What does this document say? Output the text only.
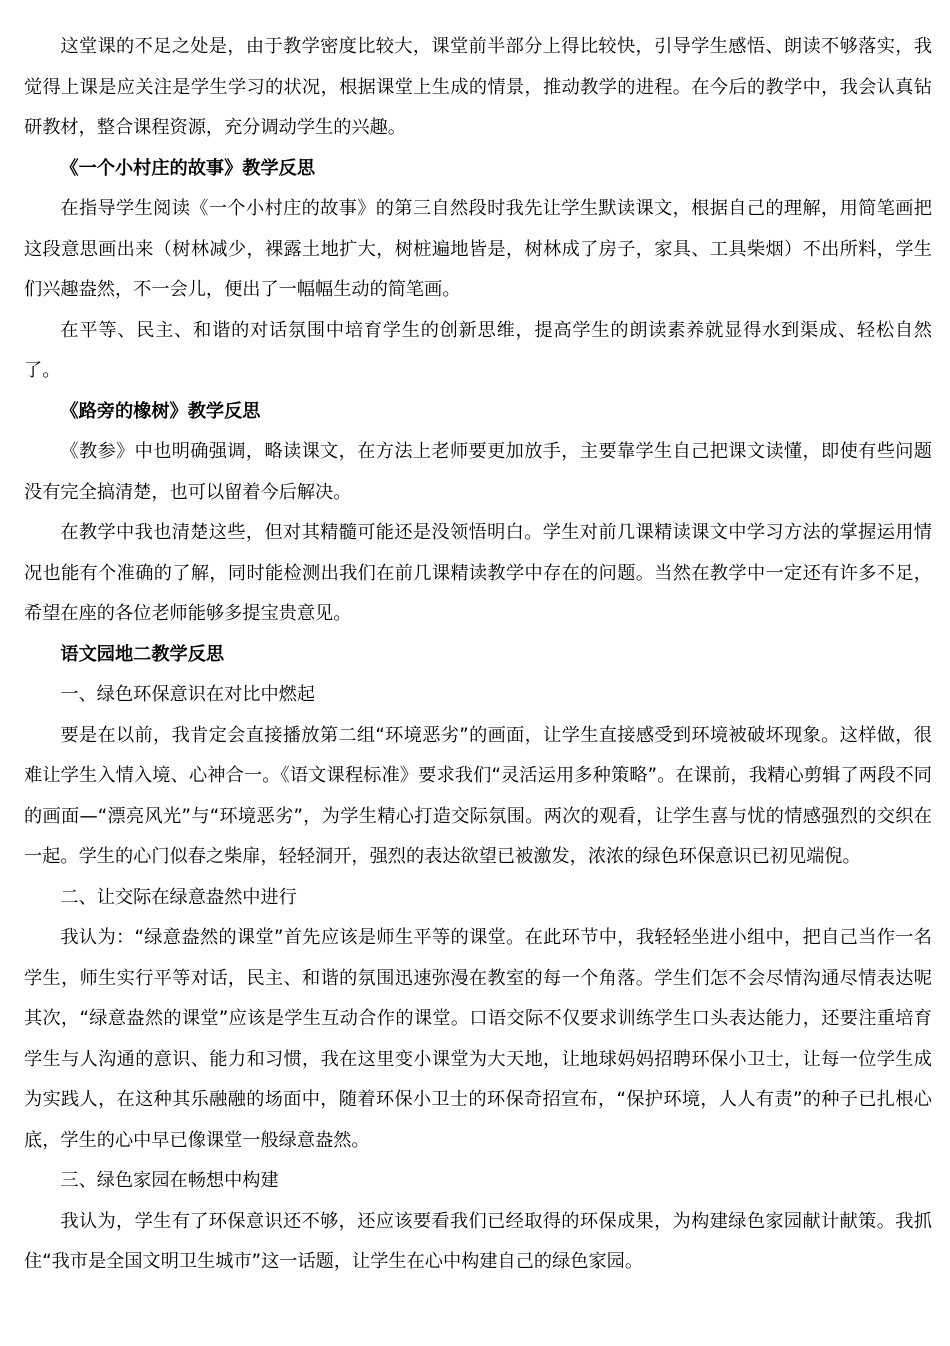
这堂课的不足之处是，由于教学密度比较大，课堂前半部分上得比较快，引导学生感悟、朗读不够落实，我觉得上课是应关注是学生学习的状况，根据课堂上生成的情景，推动教学的进程。在今后的教学中，我会认真钻研教材，整合课程资源，充分调动学生的兴趣。

《一个小村庄的故事》教学反思

在指导学生阅读《一个小村庄的故事》的第三自然段时我先让学生默读课文，根据自己的理解，用简笔画把这段意思画出来（树林减少，裸露土地扩大，树桩遍地皆是，树林成了房子，家具、工具柴烟）不出所料，学生们兴趣盎然，不一会儿，便出了一幅幅生动的简笔画。

在平等、民主、和谐的对话氛围中培育学生的创新思维，提高学生的朗读素养就显得水到渠成、轻松自然了。

《路旁的橡树》教学反思

《教参》中也明确强调，略读课文，在方法上老师要更加放手，主要靠学生自己把课文读懂，即使有些问题没有完全搞清楚，也可以留着今后解决。

在教学中我也清楚这些，但对其精髓可能还是没领悟明白。学生对前几课精读课文中学习方法的掌握运用情况也能有个准确的了解，同时能检测出我们在前几课精读教学中存在的问题。当然在教学中一定还有许多不足，希望在座的各位老师能够多提宝贵意见。

语文园地二教学反思

一、绿色环保意识在对比中燃起

要是在以前，我肯定会直接播放第二组“环境恶劣”的画面，让学生直接感受到环境被破坏现象。这样做，很难让学生入情入境、心神合一。《语文课程标准》要求我们“灵活运用多种策略”。在课前，我精心剪辑了两段不同的画面—“漂亮风光”与“环境恶劣”，为学生精心打造交际氛围。两次的观看，让学生喜与忧的情感强烈的交织在一起。学生的心门似春之柴扉，轻轻洞开，强烈的表达欲望已被激发，浓浓的绿色环保意识已初见端倪。

二、让交际在绿意盎然中进行

我认为：“绿意盎然的课堂”首先应该是师生平等的课堂。在此环节中，我轻轻坐进小组中，把自己当作一名学生，师生实行平等对话，民主、和谐的氛围迅速弥漫在教室的每一个角落。学生们怎不会尽情沟通尽情表达呢其次，“绿意盎然的课堂”应该是学生互动合作的课堂。口语交际不仅要求训练学生口头表达能力，还要注重培育学生与人沟通的意识、能力和习惯，我在这里变小课堂为大天地，让地球妈妈招聘环保小卫士，让每一位学生成为实践人，在这种其乐融融的场面中，随着环保小卫士的环保奇招宣布，“保护环境，人人有责”的种子已扎根心底，学生的心中早已像课堂一般绿意盎然。

三、绿色家园在畅想中构建

我认为，学生有了环保意识还不够，还应该要看我们已经取得的环保成果，为构建绿色家园献计献策。我抓住“我市是全国文明卫生城市”这一话题，让学生在心中构建自己的绿色家园。
